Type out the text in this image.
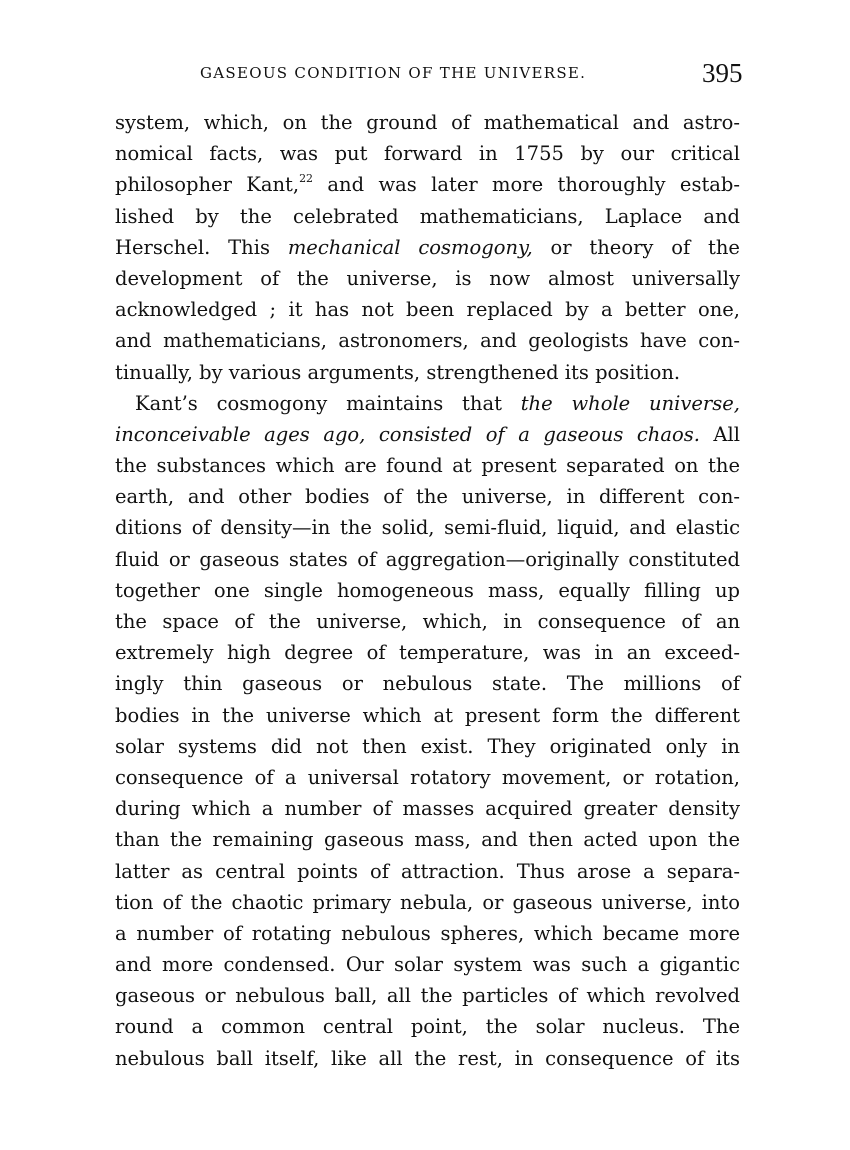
GASEOUS CONDITION OF THE UNIVERSE.	395
system, which, on the ground of mathematical and astro-
nomical facts, was put forward in 1755 by our critical
philosopher Kant,$^{22}$ and was later more thoroughly estab-
lished by the celebrated mathematicians, Laplace and
Herschel. This mechanical cosmogony, or theory of the
development of the universe, is now almost universally
acknowledged ; it has not been replaced by a better one,
and mathematicians, astronomers, and geologists have con-
tinually, by various arguments, strengthened its position.
Kant’s cosmogony maintains that the whole universe,
inconceivable ages ago, consisted of a gaseous chaos. All
the substances which are found at present separated on the
earth, and other bodies of the universe, in different con-
ditions of density—in the solid, semi-fluid, liquid, and elastic
fluid or gaseous states of aggregation—originally constituted
together one single homogeneous mass, equally filling up
the space of the universe, which, in consequence of an
extremely high degree of temperature, was in an exceed-
ingly thin gaseous or nebulous state. The millions of
bodies in the universe which at present form the different
solar systems did not then exist. They originated only in
consequence of a universal rotatory movement, or rotation,
during which a number of masses acquired greater density
than the remaining gaseous mass, and then acted upon the
latter as central points of attraction. Thus arose a separa-
tion of the chaotic primary nebula, or gaseous universe, into
a number of rotating nebulous spheres, which became more
and more condensed. Our solar system was such a gigantic
gaseous or nebulous ball, all the particles of which revolved
round a common central point, the solar nucleus. The
nebulous ball itself, like all the rest, in consequence of its
